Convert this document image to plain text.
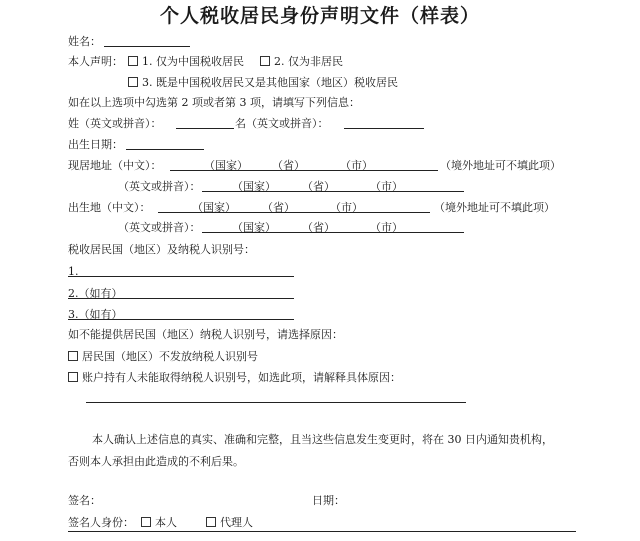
个人税收居民身份声明文件（样表）
姓名：
本人声明：	1. 仅为中国税收居民	2. 仅为非居民
3. 既是中国税收居民又是其他国家（地区）税收居民
如在以上选项中勾选第 2 项或者第 3 项，请填写下列信息：
姓（英文或拼音）：	名（英文或拼音）：
出生日期：
现居地址（中文）：	（国家） （省）	（市）	（境外地址可不填此项）
（英文或拼音）：	（国家） （省）	（市）
出生地（中文）：	（国家） （省）	（市）	（境外地址可不填此项）
（英文或拼音）：	（国家） （省）	（市）
税收居民国（地区）及纳税人识别号：
1.
2.（如有）
3.（如有）
如不能提供居民国（地区）纳税人识别号，请选择原因：
居民国（地区）不发放纳税人识别号
账户持有人未能取得纳税人识别号，如选此项，请解释具体原因：
本人确认上述信息的真实、准确和完整，且当这些信息发生变更时，将在 30 日内通知贵机构，
否则本人承担由此造成的不利后果。
签名：	日期：
签名人身份：	本人	代理人
